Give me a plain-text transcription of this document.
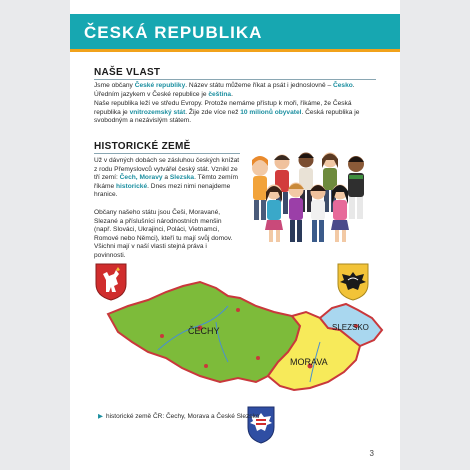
ČESKÁ REPUBLIKA
NAŠE VLAST
Jsme občany České republiky. Název státu můžeme říkat a psát i jednoslovně – Česko. Úředním jazykem v České republice je čeština.
Naše republika leží ve středu Evropy. Protože nemáme přístup k moři, říkáme, že Česká republika je vnitrozemský stát. Žije zde více než 10 milionů obyvatel. Česká republika je svobodným a nezávislým státem.
HISTORICKÉ ZEMĚ
Už v dávných dobách se zásluhou českých knížat z rodu Přemyslovců vytvářel český stát. Vznikl ze tří zemí: Čech, Moravy a Slezska. Těmto zemím říkáme historické. Dnes mezi nimi nenajdeme hranice.
Občany našeho státu jsou Češi, Moravané, Slezané a příslušníci národnostních menšin (např. Slováci, Ukrajinci, Poláci, Vietnamci, Romové nebo Němci), kteří tu mají svůj domov. Všichni mají v naší vlasti stejná práva i povinnosti.
ČECHY
MORAVA
SLEZSKO
▶ historické země ČR: Čechy, Morava a České Slezsko
3
